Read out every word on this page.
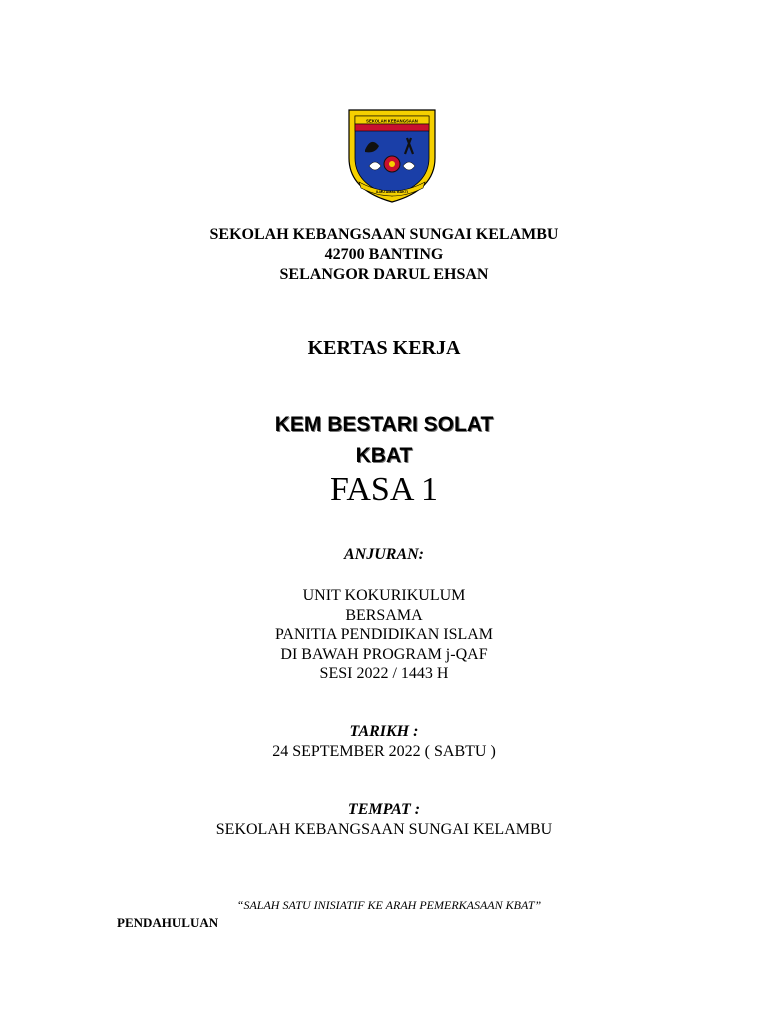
SEKOLAH KEBANGSAAN
ILMU AMAL BAKTI
SEKOLAH KEBANGSAAN SUNGAI KELAMBU
42700 BANTING
SELANGOR DARUL EHSAN
KERTAS KERJA
KEM BESTARI SOLAT
KBAT
FASA 1
ANJURAN:
UNIT KOKURIKULUM
BERSAMA
PANITIA PENDIDIKAN ISLAM
DI BAWAH PROGRAM j-QAF
SESI 2022 / 1443 H
TARIKH :
24 SEPTEMBER 2022 ( SABTU )
TEMPAT :
SEKOLAH KEBANGSAAN SUNGAI KELAMBU
“SALAH SATU INISIATIF KE ARAH PEMERKASAAN KBAT”
PENDAHULUAN
